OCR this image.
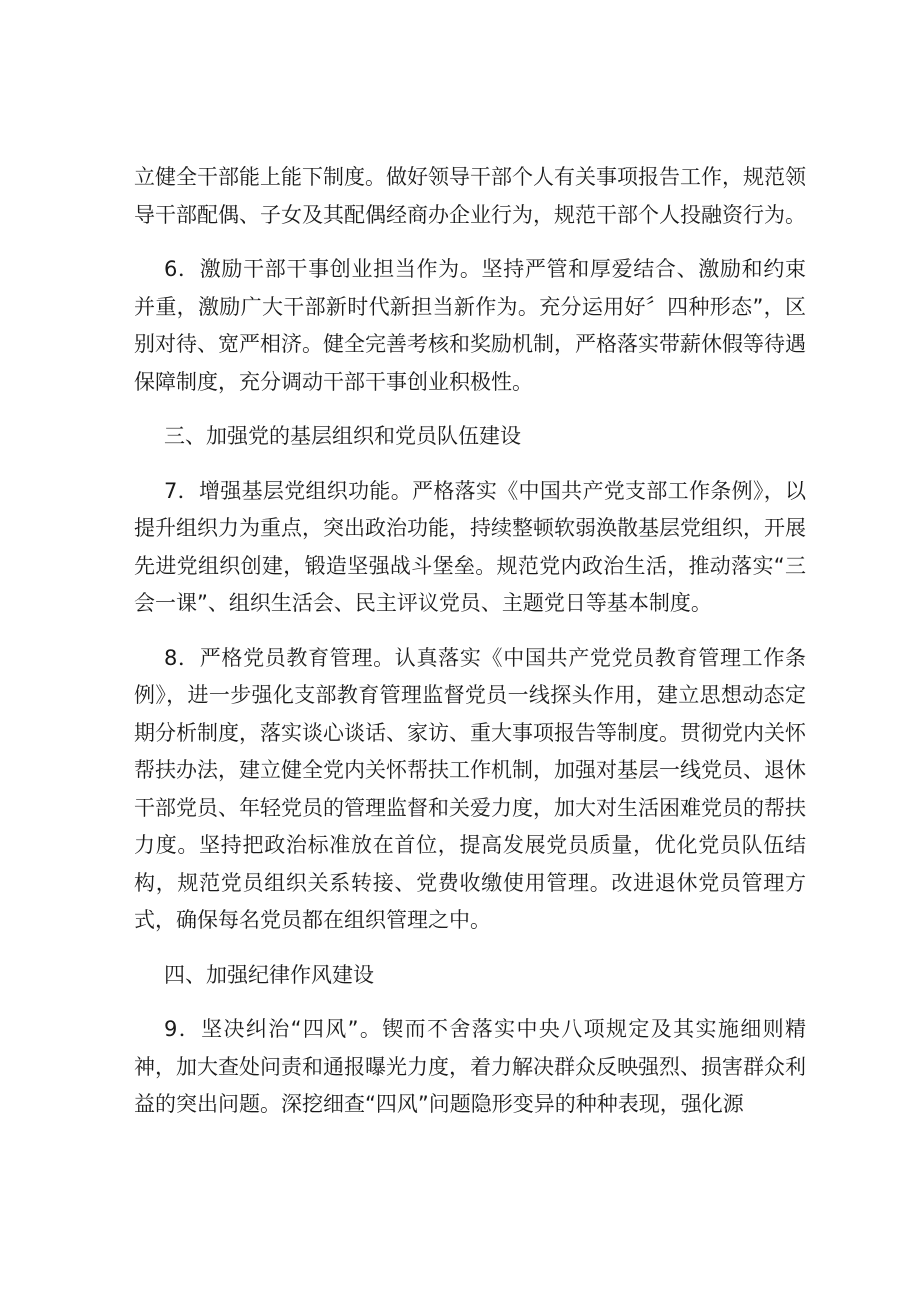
立健全干部能上能下制度。做好领导干部个人有关事项报告工作，规范领导干部配偶、子女及其配偶经商办企业行为，规范干部个人投融资行为。

6．激励干部干事创业担当作为。坚持严管和厚爱结合、激励和约束并重，激励广大干部新时代新担当新作为。充分运用好〞四种形态”，区别对待、宽严相济。健全完善考核和奖励机制，严格落实带薪休假等待遇保障制度，充分调动干部干事创业积极性。

三、加强党的基层组织和党员队伍建设

7．增强基层党组织功能。严格落实《中国共产党支部工作条例》，以提升组织力为重点，突出政治功能，持续整顿软弱涣散基层党组织，开展先进党组织创建，锻造坚强战斗堡垒。规范党内政治生活，推动落实“三会一课”、组织生活会、民主评议党员、主题党日等基本制度。

8．严格党员教育管理。认真落实《中国共产党党员教育管理工作条例》，进一步强化支部教育管理监督党员一线探头作用，建立思想动态定期分析制度，落实谈心谈话、家访、重大事项报告等制度。贯彻党内关怀帮扶办法，建立健全党内关怀帮扶工作机制，加强对基层一线党员、退休干部党员、年轻党员的管理监督和关爱力度，加大对生活困难党员的帮扶力度。坚持把政治标准放在首位，提高发展党员质量，优化党员队伍结构，规范党员组织关系转接、党费收缴使用管理。改进退休党员管理方式，确保每名党员都在组织管理之中。

四、加强纪律作风建设

9．坚决纠治“四风”。锲而不舍落实中央八项规定及其实施细则精神，加大查处问责和通报曝光力度，着力解决群众反映强烈、损害群众利益的突出问题。深挖细查“四风”问题隐形变异的种种表现，强化源
